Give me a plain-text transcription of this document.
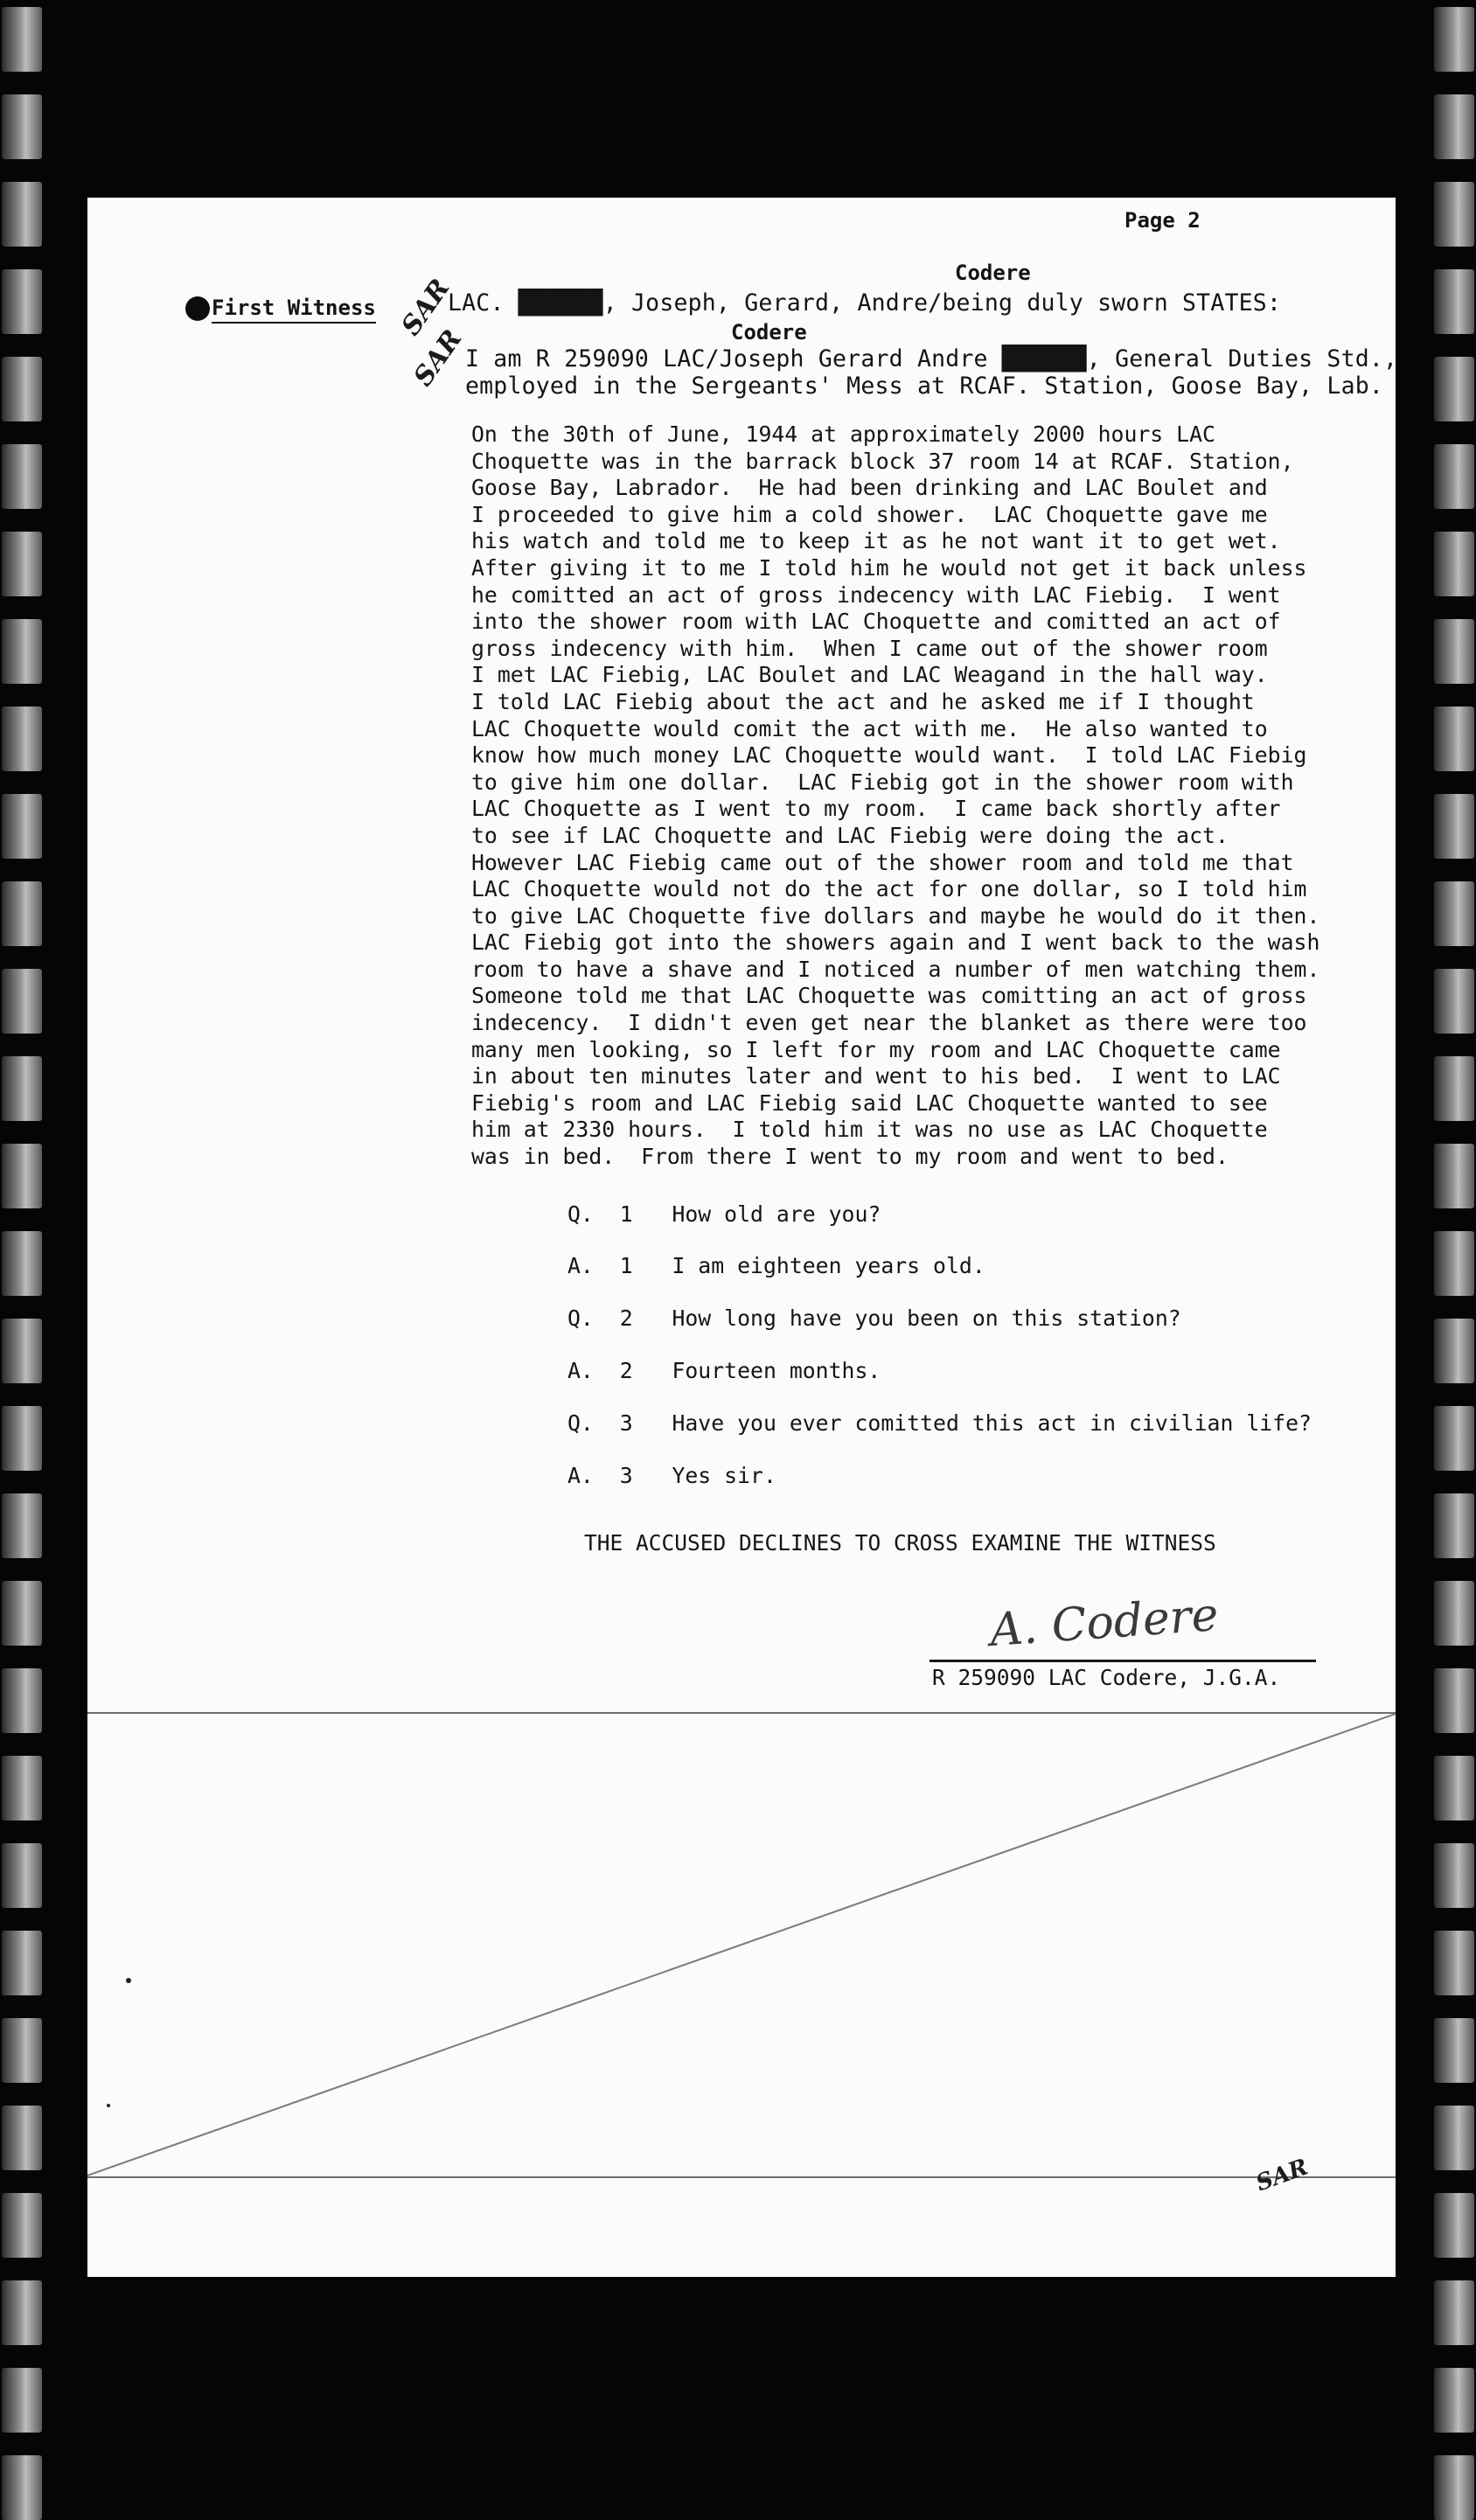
Page 2
First Witness SAR
SAR
Codere
LAC. ██████, Joseph, Gerard, Andre/being duly sworn STATES:
Codere
I am R 259090 LAC/Joseph Gerard Andre ██████, General Duties Std.,
employed in the Sergeants' Mess at RCAF. Station, Goose Bay, Lab.
On the 30th of June, 1944 at approximately 2000 hours LAC
Choquette was in the barrack block 37 room 14 at RCAF. Station,
Goose Bay, Labrador.  He had been drinking and LAC Boulet and
I proceeded to give him a cold shower.  LAC Choquette gave me
his watch and told me to keep it as he not want it to get wet.
After giving it to me I told him he would not get it back unless
he comitted an act of gross indecency with LAC Fiebig.  I went
into the shower room with LAC Choquette and comitted an act of
gross indecency with him.  When I came out of the shower room
I met LAC Fiebig, LAC Boulet and LAC Weagand in the hall way.
I told LAC Fiebig about the act and he asked me if I thought
LAC Choquette would comit the act with me.  He also wanted to
know how much money LAC Choquette would want.  I told LAC Fiebig
to give him one dollar.  LAC Fiebig got in the shower room with
LAC Choquette as I went to my room.  I came back shortly after
to see if LAC Choquette and LAC Fiebig were doing the act.
However LAC Fiebig came out of the shower room and told me that
LAC Choquette would not do the act for one dollar, so I told him
to give LAC Choquette five dollars and maybe he would do it then.
LAC Fiebig got into the showers again and I went back to the wash
room to have a shave and I noticed a number of men watching them.
Someone told me that LAC Choquette was comitting an act of gross
indecency.  I didn't even get near the blanket as there were too
many men looking, so I left for my room and LAC Choquette came
in about ten minutes later and went to his bed.  I went to LAC
Fiebig's room and LAC Fiebig said LAC Choquette wanted to see
him at 2330 hours.  I told him it was no use as LAC Choquette
was in bed.  From there I went to my room and went to bed.
Q.  1 How old are you?
A.  1 I am eighteen years old.
Q.  2 How long have you been on this station?
A.  2 Fourteen months.
Q.  3 Have you ever comitted this act in civilian life?
A.  3 Yes sir.
THE ACCUSED DECLINES TO CROSS EXAMINE THE WITNESS
A. Codere
R 259090 LAC Codere, J.G.A.
SAR
